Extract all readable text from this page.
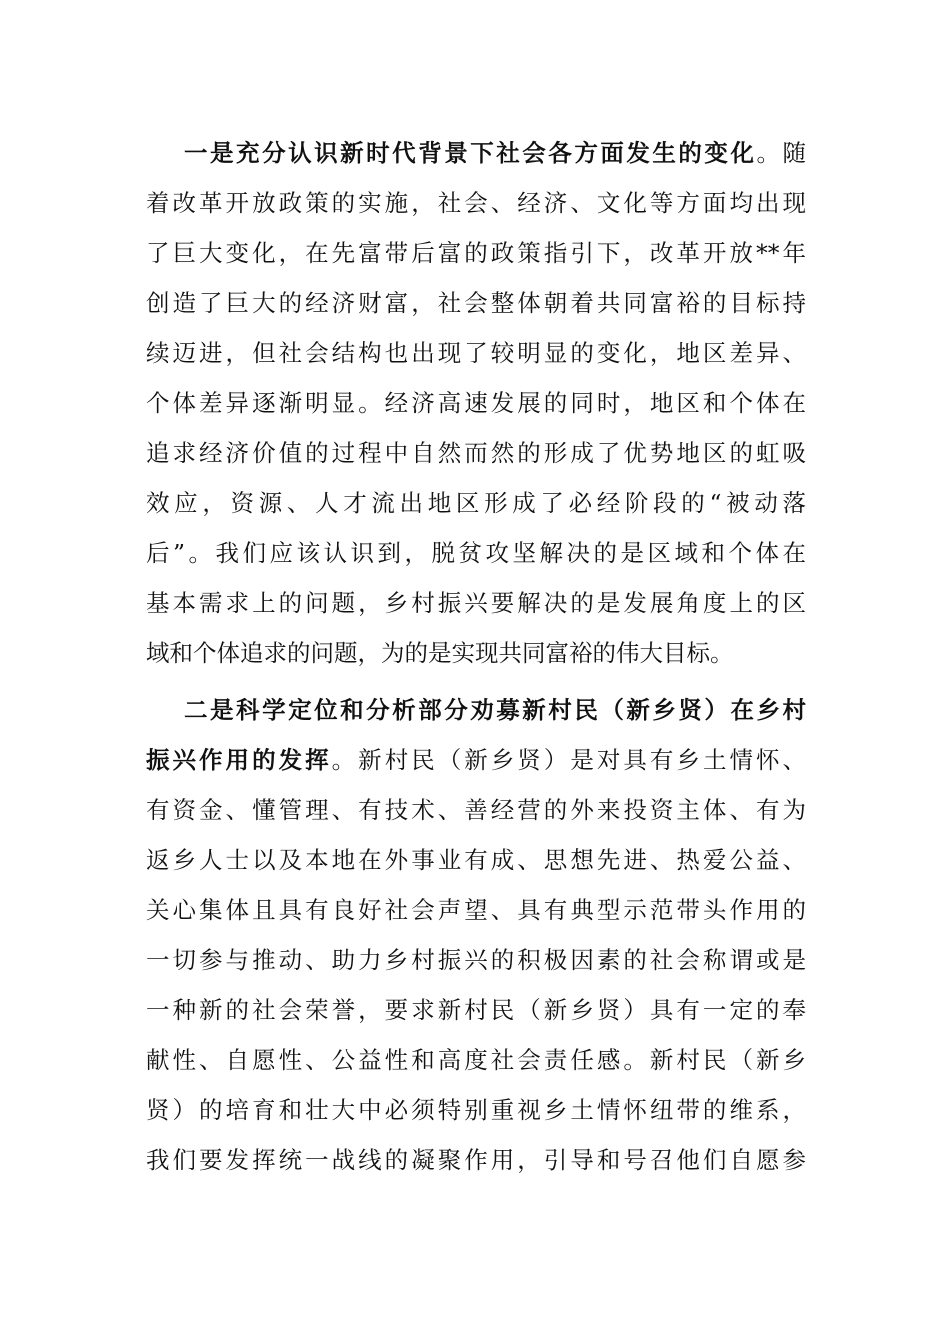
一是充分认识新时代背景下社会各方面发生的变化。随
着改革开放政策的实施，社会、经济、文化等方面均出现
了巨大变化，在先富带后富的政策指引下，改革开放**年
创造了巨大的经济财富，社会整体朝着共同富裕的目标持
续迈进，但社会结构也出现了较明显的变化，地区差异、
个体差异逐渐明显。经济高速发展的同时，地区和个体在
追求经济价值的过程中自然而然的形成了优势地区的虹吸
效应，资源、人才流出地区形成了必经阶段的“被动落
后”。我们应该认识到，脱贫攻坚解决的是区域和个体在
基本需求上的问题，乡村振兴要解决的是发展角度上的区
域和个体追求的问题，为的是实现共同富裕的伟大目标。
二是科学定位和分析部分劝募新村民（新乡贤）在乡村
振兴作用的发挥。新村民（新乡贤）是对具有乡土情怀、
有资金、懂管理、有技术、善经营的外来投资主体、有为
返乡人士以及本地在外事业有成、思想先进、热爱公益、
关心集体且具有良好社会声望、具有典型示范带头作用的
一切参与推动、助力乡村振兴的积极因素的社会称谓或是
一种新的社会荣誉，要求新村民（新乡贤）具有一定的奉
献性、自愿性、公益性和高度社会责任感。新村民（新乡
贤）的培育和壮大中必须特别重视乡土情怀纽带的维系，
我们要发挥统一战线的凝聚作用，引导和号召他们自愿参
